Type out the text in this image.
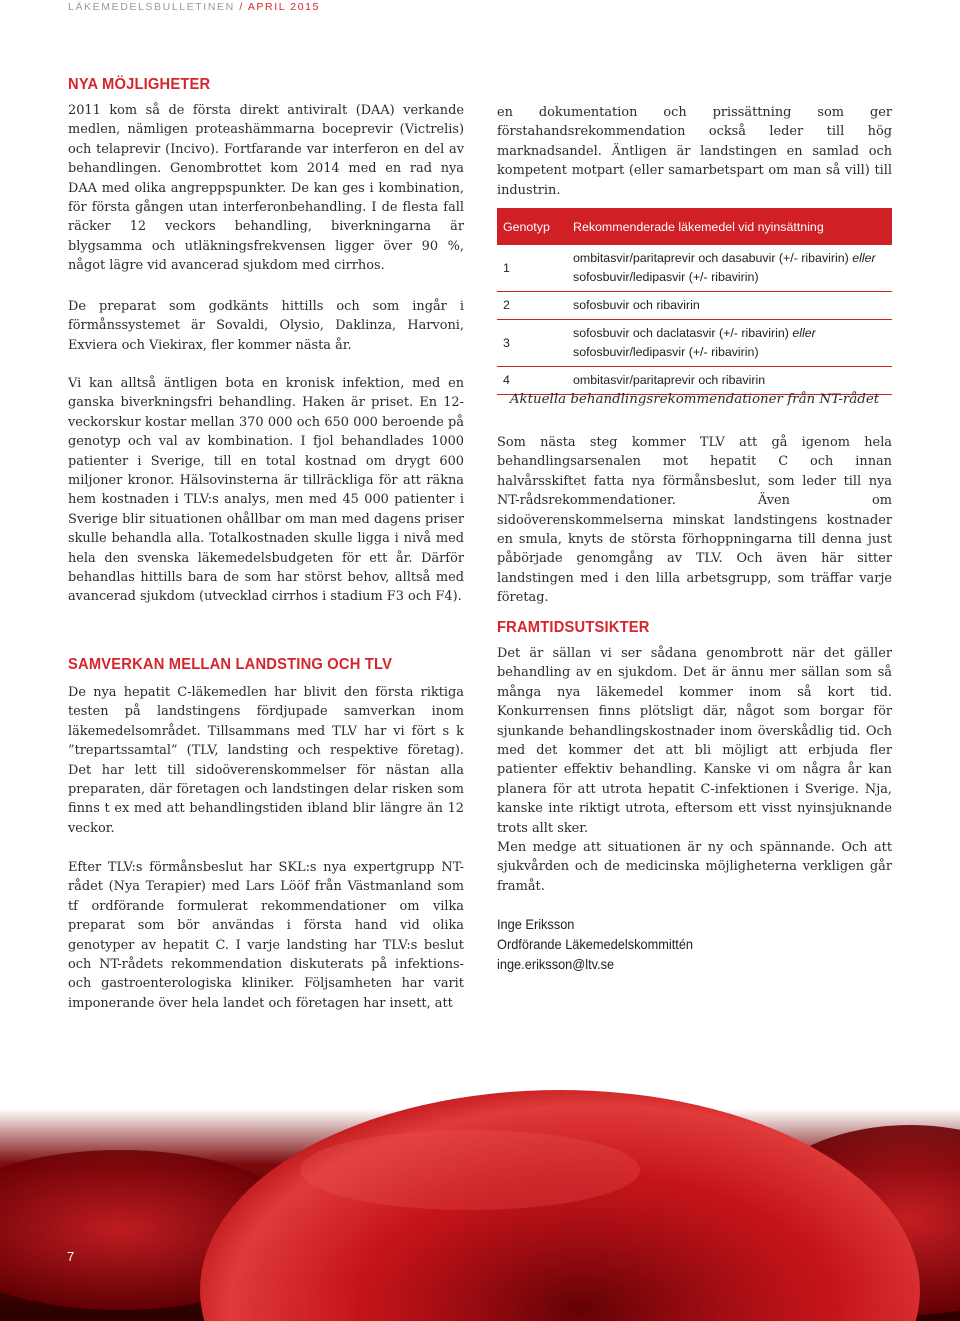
LÄKEMEDELSBULLETINEN / APRIL 2015
NYA MÖJLIGHETER

2011 kom så de första direkt antiviralt (DAA) verkande medlen, nämligen proteashämmarna boceprevir (Victrelis) och telaprevir (Incivo). Fortfarande var interferon en del av behandlingen. Genombrottet kom 2014 med en rad nya DAA med olika angreppspunkter. De kan ges i kombination, för första gången utan interferonbehandling. I de flesta fall räcker 12 veckors behandling, biverkningarna är blygsamma och utläkningsfrekvensen ligger över 90 %, något lägre vid avancerad sjukdom med cirrhos.

De preparat som godkänts hittills och som ingår i förmånssystemet är Sovaldi, Olysio, Daklinza, Harvoni, Exviera och Viekirax, fler kommer nästa år.

Vi kan alltså äntligen bota en kronisk infektion, med en ganska biverkningsfri behandling. Haken är priset. En 12-veckorskur kostar mellan 370 000 och 650 000 beroende på genotyp och val av kombination. I fjol behandlades 1000 patienter i Sverige, till en total kostnad om drygt 600 miljoner kronor. Hälsovinsterna är tillräckliga för att räkna hem kostnaden i TLV:s analys, men med 45 000 patienter i Sverige blir situationen ohållbar om man med dagens priser skulle behandla alla. Totalkostnaden skulle ligga i nivå med hela den svenska läkemedelsbudgeten för ett år. Därför behandlas hittills bara de som har störst behov, alltså med avancerad sjukdom (utvecklad cirrhos i stadium F3 och F4).

SAMVERKAN MELLAN LANDSTING OCH TLV

De nya hepatit C-läkemedlen har blivit den första riktiga testen på landstingens fördjupade samverkan inom läkemedelsområdet. Tillsammans med TLV har vi fört s k ”trepartssamtal” (TLV, landsting och respektive företag). Det har lett till sidoöverenskommelser för nästan alla preparaten, där företagen och landstingen delar risken som finns t ex med att behandlingstiden ibland blir längre än 12 veckor.

Efter TLV:s förmånsbeslut har SKL:s nya expertgrupp NT-rådet (Nya Terapier) med Lars Lööf från Västmanland som tf ordförande formulerat rekommendationer om vilka preparat som bör användas i första hand vid olika genotyper av hepatit C. I varje landsting har TLV:s beslut och NT-rådets rekommendation diskuterats på infektions- och gastroenterologiska kliniker. Följsamheten har varit imponerande över hela landet och företagen har insett, att

en dokumentation och prissättning som ger förstahandsrekommendation också leder till hög marknadsandel. Äntligen är landstingen en samlad och kompetent motpart (eller samarbetspart om man så vill) till industrin.

Genotyp	Rekommenderade läkemedel vid nyinsättning
1	ombitasvir/paritaprevir och dasabuvir (+/- ribavirin) eller
sofosbuvir/ledipasvir (+/- ribavirin)
2	sofosbuvir och ribavirin
3	sofosbuvir och daclatasvir (+/- ribavirin) eller
sofosbuvir/ledipasvir (+/- ribavirin)
4	ombitasvir/paritaprevir och ribavirin
Aktuella behandlingsrekommendationer från NT-rådet

Som nästa steg kommer TLV att gå igenom hela behandlingsarsenalen mot hepatit C och innan halvårsskiftet fatta nya förmånsbeslut, som leder till nya NT-rådsrekommendationer. Även om sidoöverenskommelserna minskat landstingens kostnader en smula, knyts de största förhoppningarna till denna just påbörjade genomgång av TLV. Och även här sitter landstingen med i den lilla arbetsgrupp, som träffar varje företag.

FRAMTIDSUTSIKTER

Det är sällan vi ser sådana genombrott när det gäller behandling av en sjukdom. Det är ännu mer sällan som så många nya läkemedel kommer inom så kort tid. Konkurrensen finns plötsligt där, något som borgar för sjunkande behandlingskostnader inom överskådlig tid. Och med det kommer det att bli möjligt att erbjuda fler patienter effektiv behandling. Kanske vi om några år kan planera för att utrota hepatit C-infektionen i Sverige. Nja, kanske inte riktigt utrota, eftersom ett visst nyinsjuknande trots allt sker.

Men medge att situationen är ny och spännande. Och att sjukvården och de medicinska möjligheterna verkligen går framåt.

Inge Eriksson
Ordförande Läkemedelskommittén
inge.eriksson@ltv.se
7
